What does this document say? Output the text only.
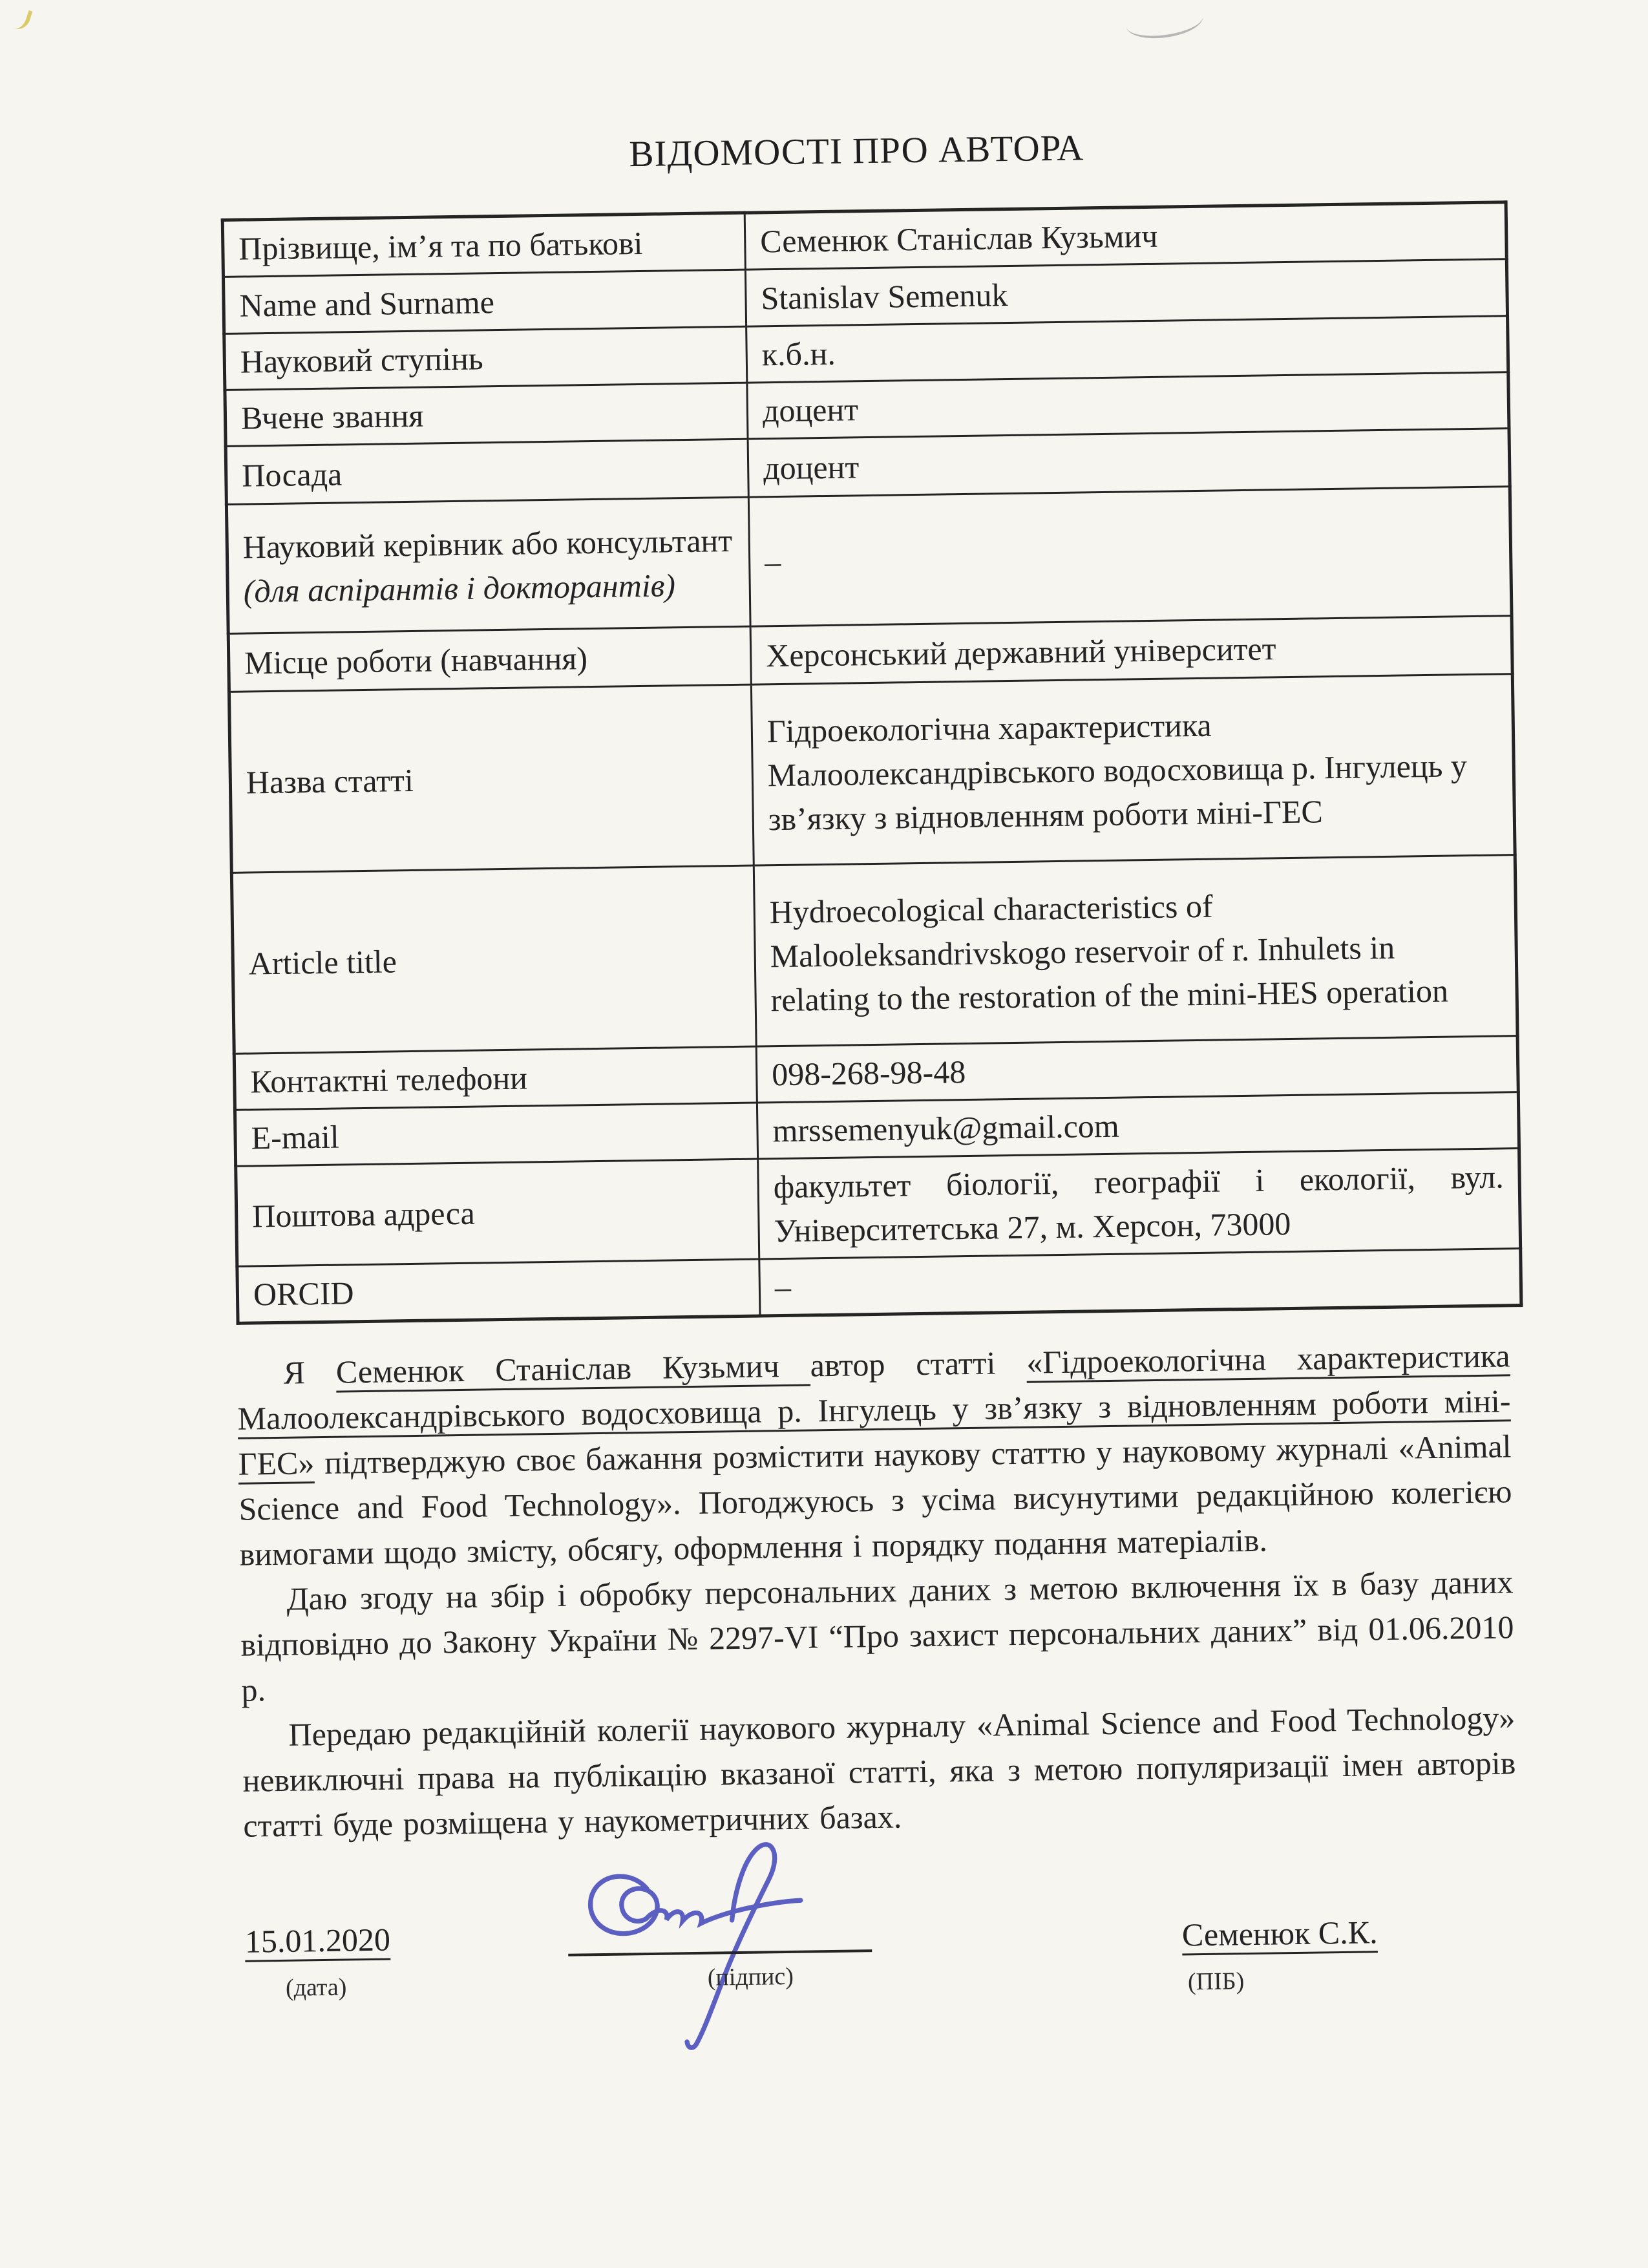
ВІДОМОСТІ ПРО АВТОРА
Прізвище, ім’я та по батькові	Семенюк Станіслав Кузьмич
Name and Surname	Stanislav Semenuk
Науковий ступінь	к.б.н.
Вчене звання	доцент
Посада	доцент
Науковий керівник або консультант (для аспірантів і докторантів)	–
Місце роботи (навчання)	Херсонський державний університет
Назва статті	Гідроекологічна характеристика Малоолександрівського водосховища р. Інгулець у зв’язку з відновленням роботи міні-ГЕС
Article title	Hydroecological characteristics of Malooleksandrivskogo reservoir of r. Inhulets in relating to the restoration of the mini-HES operation
Контактні телефони	098-268-98-48
E-mail	mrssemenyuk@gmail.com
Поштова адреса	факультет біології, географії і екології, вул. Університетська 27, м. Херсон, 73000
ORCID	–

Я Семенюк Станіслав Кузьмич автор статті «Гідроекологічна характеристика Малоолександрівського водосховища р. Інгулець у зв’язку з відновленням роботи міні-ГЕС» підтверджую своє бажання розмістити наукову статтю у науковому журналі «Animal Science and Food Technology». Погоджуюсь з усіма висунутими редакційною колегією вимогами щодо змісту, обсягу, оформлення і порядку подання матеріалів.

Даю згоду на збір і обробку персональних даних з метою включення їх в базу даних відповідно до Закону України № 2297-VI “Про захист персональних даних” від 01.06.2010 р.

Передаю редакційній колегії наукового журналу «Animal Science and Food Technology» невиключні права на публікацію вказаної статті, яка з метою популяризації імен авторів статті буде розміщена у наукометричних базах.

15.01.2020
(дата)	(підпис)
Семенюк С.К.
(ПІБ)
